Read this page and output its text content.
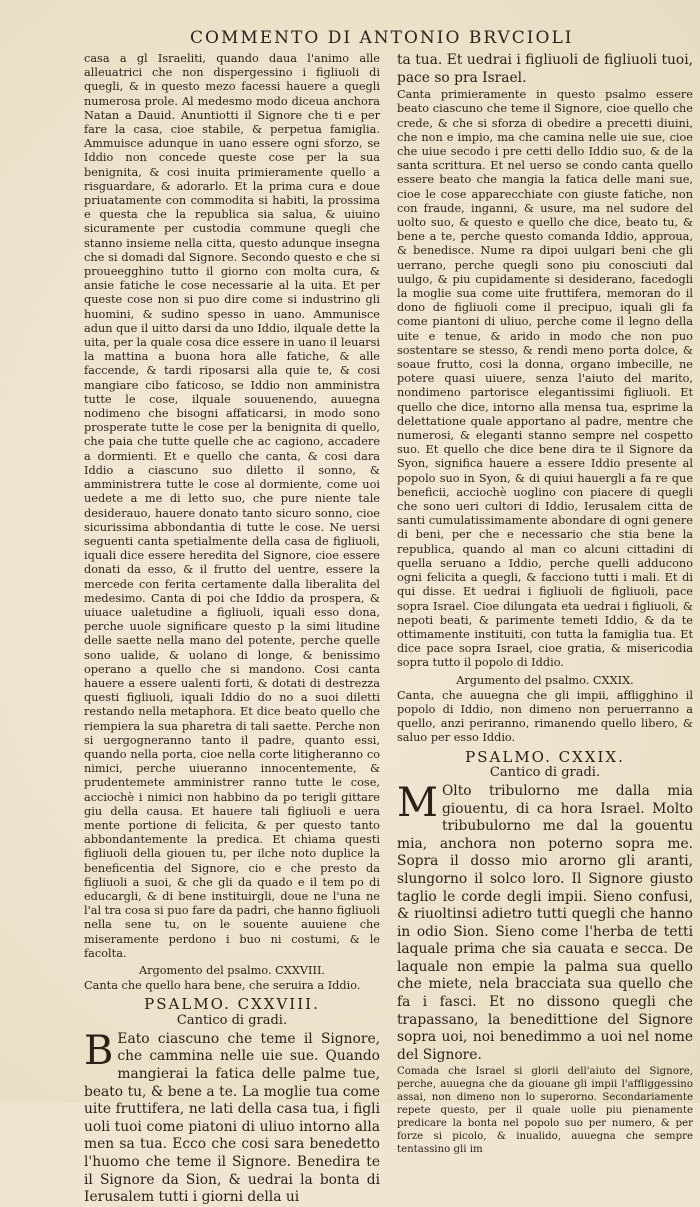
COMMENTO DI ANTONIO BRVCIOLI

casa a gl Israeliti, quando daua l'animo alle alleuatrici che non dispergessino i figliuoli di quegli, & in questo mezo facessi hauere a quegli numerosa prole. Al medesmo modo diceua anchora Natan a Dauid. Anuntiotti il Signore che ti e per fare la casa, cioe stabile, & perpetua famiglia. Ammuisce adunque in uano essere ogni sforzo, se Iddio non concede queste cose per la sua benignita, & cosi inuita primieramente quello a risguardare, & adorarlo. Et la prima cura e doue priuatamente con commodita si habiti, la prossima e questa che la republica sia salua, & uiuino sicuramente per custodia commune quegli che stanno insieme nella citta, questo adunque insegna che si domadi dal Signore. Secondo questo e che si proueegghino tutto il giorno con molta cura, & ansie fatiche le cose necessarie al la uita. Et per queste cose non si puo dire come si industrino gli huomini, & sudino spesso in uano. Ammunisce adun que il uitto darsi da uno Iddio, ilquale dette la uita, per la quale cosa dice essere in uano il leuarsi la mattina a buona hora alle fatiche, & alle faccende, & tardi riposarsi alla quie te, & cosi mangiare cibo faticoso, se Iddio non amministra tutte le cose, ilquale souuenendo, auuegna nodimeno che bisogni affaticarsi, in modo sono prosperate tutte le cose per la benignita di quello, che paia che tutte quelle che ac cagiono, accadere a dormienti. Et e quello che canta, & cosi dara Iddio a ciascuno suo diletto il sonno, & amministrera tutte le cose al dormiente, come uoi uedete a me di letto suo, che pure niente tale desiderauo, hauere donato tanto sicuro sonno, cioe sicurissima abbondantia di tutte le cose. Ne uersi seguenti canta spetialmente della casa de figliuoli, iquali dice essere heredita del Signore, cioe essere donati da esso, & il frutto del uentre, essere la mercede con ferita certamente dalla liberalita del medesimo. Canta di poi che Iddio da prospera, & uiuace ualetudine a figliuoli, iquali esso dona, perche uuole significare questo p la simi litudine delle saette nella mano del potente, perche quelle sono ualide, & uolano di longe, & benissimo operano a quello che si mandono. Cosi canta hauere a essere ualenti forti, & dotati di destrezza questi figliuoli, iquali Iddio do no a suoi diletti restando nella metaphora. Et dice beato quello che riempiera la sua pharetra di tali saette. Perche non si uergogneranno tanto il padre, quanto essi, quando nella porta, cioe nella corte litigheranno co nimici, perche uiueranno innocentemente, & prudentemete amministrer ranno tutte le cose, acciochè i nimici non habbino da po terigli gittare giu della causa. Et hauere tali figliuoli e uera mente portione di felicita, & per questo tanto abbondantemente la predica. Et chiama questi figliuoli della giouen tu, per ilche noto duplice la beneficentia del Signore, cio e che presto da figliuoli a suoi, & che gli da quado e il tem po di educargli, & di bene instituirgli, doue ne l'una ne l'al tra cosa si puo fare da padri, che hanno figliuoli nella sene tu, on le souente auuiene che miseramente perdono i buo ni costumi, & le facolta.

Argomento del psalmo. CXXVIII.

Canta che quello hara bene, che seruira a Iddio.

PSALMO. CXXVIII.

Cantico di gradi.

B Eato ciascuno che teme il Signore, che cammina nelle uie sue. Quando mangierai la fatica delle palme tue, beato tu, & bene a te. La moglie tua come uite fruttifera, ne lati della casa tua, i figli uoli tuoi come piatoni di uliuo intorno alla men sa tua. Ecco che cosi sara benedetto l'huomo che teme il Signore. Benedira te il Signore da Sion, & uedrai la bonta di Ierusalem tutti i giorni della ui

ta tua. Et uedrai i figliuoli de figliuoli tuoi, pace so pra Israel.

Canta primieramente in questo psalmo essere beato ciascuno che teme il Signore, cioe quello che crede, & che si sforza di obedire a precetti diuini, che non e impio, ma che camina nelle uie sue, cioe che uiue secodo i pre cetti dello Iddio suo, & de la santa scrittura. Et nel uerso se condo canta quello essere beato che mangia la fatica delle mani sue, cioe le cose apparecchiate con giuste fatiche, non con fraude, inganni, & usure, ma nel sudore del uolto suo, & questo e quello che dice, beato tu, & bene a te, perche questo comanda Iddio, approua, & benedisce. Nume ra dipoi uulgari beni che gli uerrano, perche quegli sono piu conosciuti dal uulgo, & piu cupidamente si desiderano, facedogli la moglie sua come uite fruttifera, memoran do il dono de figliuoli come il precipuo, iquali gli fa come piantoni di uliuo, perche come il legno della uite e tenue, & arido in modo che non puo sostentare se stesso, & rendi meno porta dolce, & soaue frutto, cosi la donna, organo imbecille, ne potere quasi uiuere, senza l'aiuto del marito, nondimeno partorisce elegantissimi figliuoli. Et quello che dice, intorno alla mensa tua, esprime la delettatione quale apportano al padre, mentre che numerosi, & eleganti stanno sempre nel cospetto suo. Et quello che dice bene dira te il Signore da Syon, significa hauere a essere Iddio presente al popolo suo in Syon, & di quiui hauergli a fa re que beneficii, acciochè uoglino con piacere di quegli che sono ueri cultori di Iddio, Ierusalem citta de santi cumulatissimamente abondare di ogni genere di beni, per che e necessario che stia bene la republica, quando al man co alcuni cittadini di quella seruano a Iddio, perche quelli adducono ogni felicita a quegli, & facciono tutti i mali. Et di qui disse. Et uedrai i figliuoli de figliuoli, pace sopra Israel. Cioe dilungata eta uedrai i figliuoli, & nepoti beati, & parimente temeti Iddio, & da te ottimamente instituiti, con tutta la famiglia tua. Et dice pace sopra Israel, cioe gratia, & misericodia sopra tutto il popolo di Iddio.

Argumento del psalmo. CXXIX.

Canta, che auuegna che gli impii, affligghino il popolo di Iddio, non dimeno non peruerranno a quello, anzi periranno, rimanendo quello libero, & saluo per esso Iddio.

PSALMO. CXXIX.

Cantico di gradi.

M Olto tribulorno me dalla mia giouentu, di ca hora Israel. Molto tribubulorno me dal la gouentu mia, anchora non poterno sopra me. Sopra il dosso mio arorno gli aranti, slungorno il solco loro. Il Signore giusto taglio le corde degli impii. Sieno confusi, & riuoltinsi adietro tutti quegli che hanno in odio Sion. Sieno come l'herba de tetti laquale prima che sia cauata e secca. De laquale non empie la palma sua quello che miete, nela bracciata sua quello che fa i fasci. Et no dissono quegli che trapassano, la benedittione del Signore sopra uoi, noi benedimmo a uoi nel nome del Signore.

Comada che Israel si glorii dell'aiuto del Signore, perche, auuegna che da giouane gli impii l'affliggessino assai, non dimeno non lo superorno. Secondariamente repete questo, per il quale uolle piu pienamente predicare la bonta nel popolo suo per numero, & per forze si picolo, & inualido, auuegna che sempre tentassino gli im
